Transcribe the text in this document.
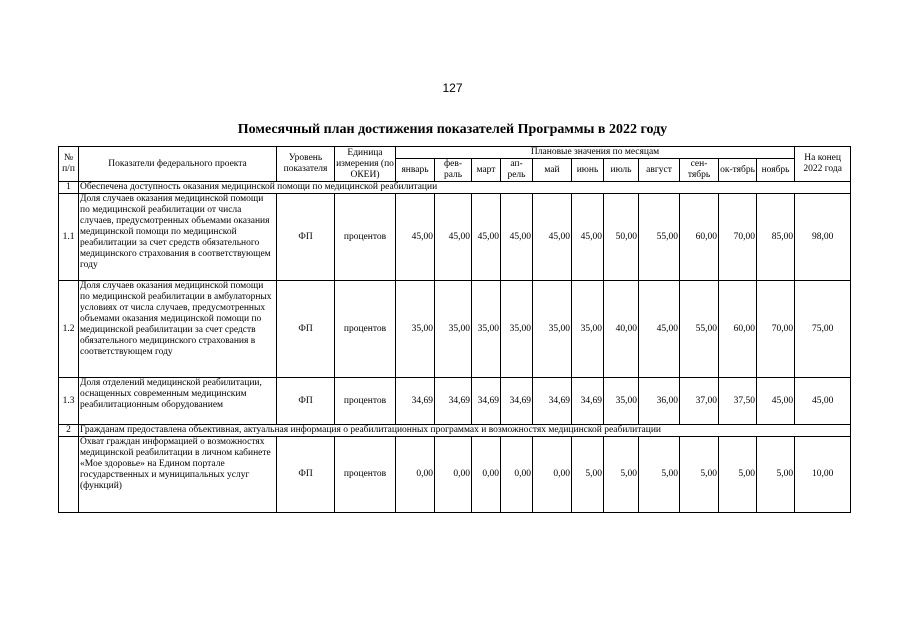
127
Помесячный план достижения показателей Программы в 2022 году
№ п/п	Показатели федерального проекта	Уровень показателя	Единица измерения (по ОКЕИ)	Плановые значения по месяцам											На конец 2022 года
				январь	фев-раль	март	ап-рель	май	июнь	июль	август	сен-тябрь	ок-тябрь	ноябрь	
1	Обеспечена доступность оказания медицинской помощи по медицинской реабилитации														
1.1	Доля случаев оказания медицинской помощи по медицинской реабилитации от числа случаев, предусмотренных объемами оказания медицинской помощи по медицинской реабилитации за счет средств обязательного медицинского страхования в соответствующем году	ФП	процентов	45,00	45,00	45,00	45,00	45,00	45,00	50,00	55,00	60,00	70,00	85,00	98,00
1.2	Доля случаев оказания медицинской помощи по медицинской реабилитации в амбулаторных условиях от числа случаев, предусмотренных объемами оказания медицинской помощи по медицинской реабилитации за счет средств обязательного медицинского страхования в соответствующем году	ФП	процентов	35,00	35,00	35,00	35,00	35,00	35,00	40,00	45,00	55,00	60,00	70,00	75,00
1.3	Доля отделений медицинской реабилитации, оснащенных современным медицинским реабилитационным оборудованием	ФП	процентов	34,69	34,69	34,69	34,69	34,69	34,69	35,00	36,00	37,00	37,50	45,00	45,00
2	Гражданам предоставлена объективная, актуальная информация о реабилитационных программах и возможностях медицинской реабилитации														
	Охват граждан информацией о возможностях медицинской реабилитации в личном кабинете «Мое здоровье» на Едином портале государственных и муниципальных услуг (функций)	ФП	процентов	0,00	0,00	0,00	0,00	0,00	5,00	5,00	5,00	5,00	5,00	5,00	10,00
